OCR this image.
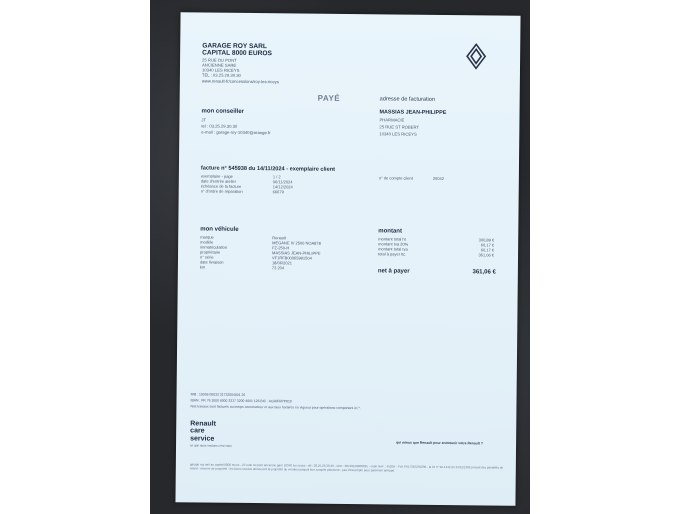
GARAGE ROY SARL
CAPITAL 8000 EUROS
25 RUE DU PONT
ANCIENNE SARE
10340 LES RICEYS
TEL : 03.25.29.30.30
www.renault-fr/concessions/roy-les-riceys
PAYÉ	adresse de facturation
MASSIAS JEAN-PHILIPPE
PHARMACIE
25 RUE ST ROBERT
10340 LES RICEYS
mon conseiller
JT
tel : 03.25.29.30.30
e-mail : garage-roy-10340@orange.fr
facture n° 545938 du 14/11/2024 - exemplaire client
exemplaire - page	1 / 2
date d'entrée atelier	06/11/2024
échéance de la facture	14/12/2024
n° d'ordre de réparation	66679
n° de compte client	20042
mon véhicule
marque	Renault
modèle	MEGANE IV 2500 NOA878
immatriculation	FZ-250-H
propriétaire	MASSIAS JEAN-PHILIPPE
n° série	VF1RFB00065991504
date livraison	18/06/2021
km	73 204
montant
montant total ht	300,89 €
montant tva 20%	60,17 €
montant total tva	60,17 €
total à payer ttc	361,06 €
net à payer	361,06 €
RIB : 10006 00033 31732004001 26
IBAN : FR 76 1000 6000 3317 3200 4001 126 BIC : AGRIFRPP810
Nos travaux sont facturés au temps constructeur et aux taux horaires en vigueur pour opérations comportant ici *.
Renault
care
service
ce que nous voulons c'est vous
qui mieux que Renault pour entretenir votre Renault ?
garage roy sarl au capital 8000 euros - 25 rude du pont ancienne gare 10340 les riceys - tél : 03.25.29.30.30 - siret : 38729109000025 - code NAF : 4520A - TVA FR17387291090 - la loi n° 92-1442 du 31/12/1992 prévoit des pénalités de retard - réserve de propriété : les biens vendus demeurent la propriété du vendeur jusqu'à leur complet paiement - pas d'escompte pour paiement anticipé.
